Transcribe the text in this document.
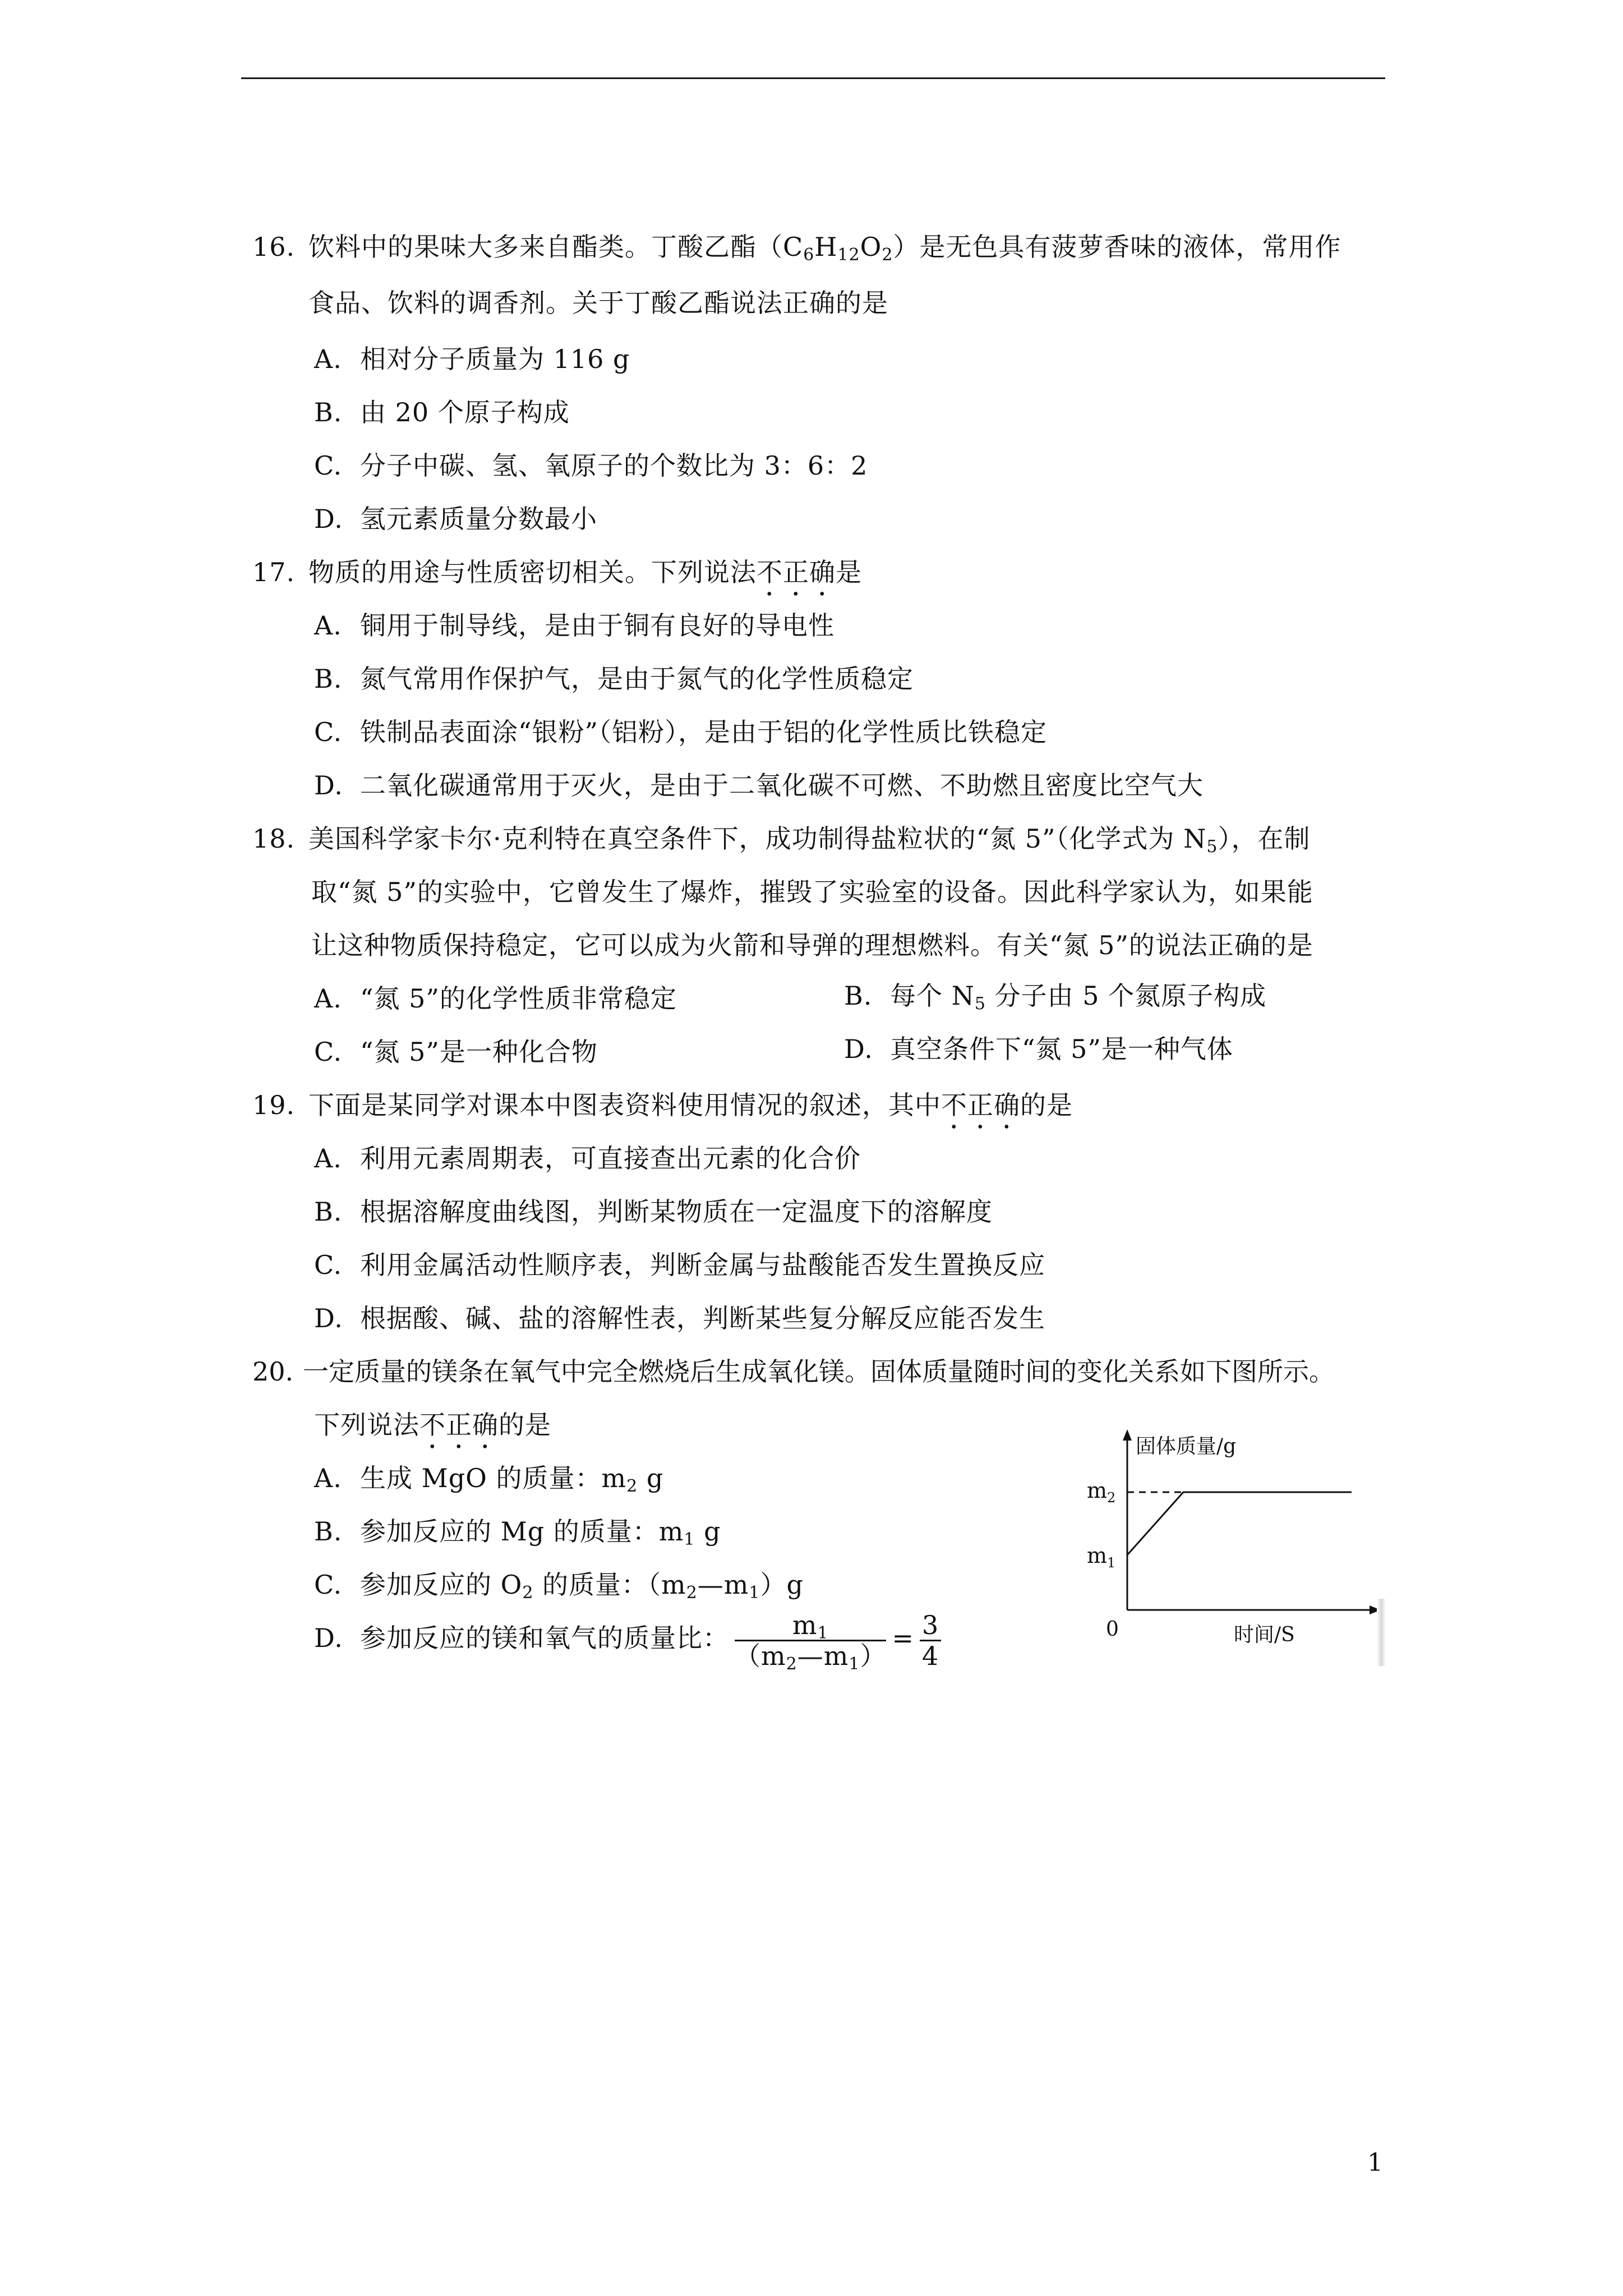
16. 饮料中的果味大多来自酯类。丁酸乙酯$(C_6H_{12}O_2)$是无色具有菠萝香味的液体，常用作
食品、饮料的调香剂。关于丁酸乙酯说法正确的是
A. 相对分子质量为 116 g
B. 由 20 个原子构成
C. 分子中碳、氢、氧原子的个数比为 3：6：2
D. 氢元素质量分数最小
17. 物质的用途与性质密切相关。下列说法不正确是
A. 铜用于制导线，是由于铜有良好的导电性
B. 氮气常用作保护气，是由于氮气的化学性质稳定
C. 铁制品表面涂“银粉”（铝粉），是由于铝的化学性质比铁稳定
D. 二氧化碳通常用于灭火，是由于二氧化碳不可燃、不助燃且密度比空气大
18. 美国科学家卡尔·克利特在真空条件下，成功制得盐粒状的“氮 5”（化学式为 $N_5$），在制
取“氮 5”的实验中，它曾发生了爆炸，摧毁了实验室的设备。因此科学家认为，如果能
让这种物质保持稳定，它可以成为火箭和导弹的理想燃料。有关“氮 5”的说法正确的是
A. “氮 5”的化学性质非常稳定	B. 每个 $N_5$ 分子由 5 个氮原子构成
C. “氮 5”是一种化合物	D. 真空条件下“氮 5”是一种气体
19. 下面是某同学对课本中图表资料使用情况的叙述，其中不正确的是
A. 利用元素周期表，可直接查出元素的化合价
B. 根据溶解度曲线图，判断某物质在一定温度下的溶解度
C. 利用金属活动性顺序表，判断金属与盐酸能否发生置换反应
D. 根据酸、碱、盐的溶解性表，判断某些复分解反应能否发生
20. 一定质量的镁条在氧气中完全燃烧后生成氧化镁。固体质量随时间的变化关系如下图所示。
下列说法不正确的是
A. 生成 MgO 的质量：$m_2$ g
B. 参加反应的 Mg 的质量：$m_1$ g
C. 参加反应的 $O_2$ 的质量：$(m_2—m_1)g$
D. 参加反应的镁和氧气的质量比： $\frac{m_1}{(m_2—m_1)} = \frac{3}{4}$
固体质量/g
时间/S
0
$m_2$
$m_1$
1
